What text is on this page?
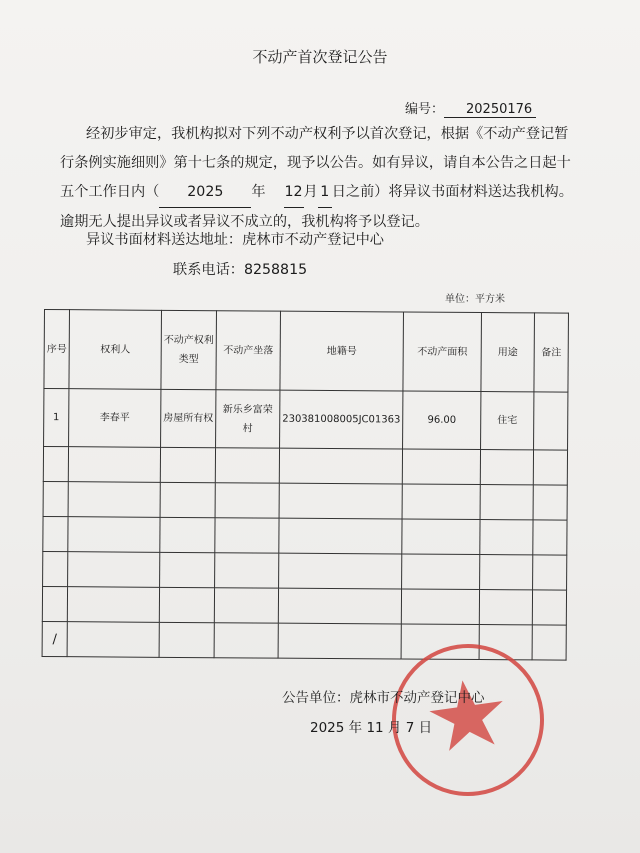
不动产首次登记公告
编号： 20250176
经初步审定，我机构拟对下列不动产权利予以首次登记，根据《不动产登记暂行条例实施细则》第十七条的规定，现予以公告。如有异议，请自本公告之日起十五个工作日内（ 2025 年 12月 1 日之前）将异议书面材料送达我机构。逾期无人提出异议或者异议不成立的，我机构将予以登记。
异议书面材料送达地址：虎林市不动产登记中心
联系电话：8258815
单位：平方米
序号	权利人	不动产权利类型	不动产坐落	地籍号	不动产面积	用途	备注
1	李春平	房屋所有权	新乐乡富荣村	230381008005JC01363	96.00	住宅	

/							
公告单位：虎林市不动产登记中心
2025 年 11 月 7 日
